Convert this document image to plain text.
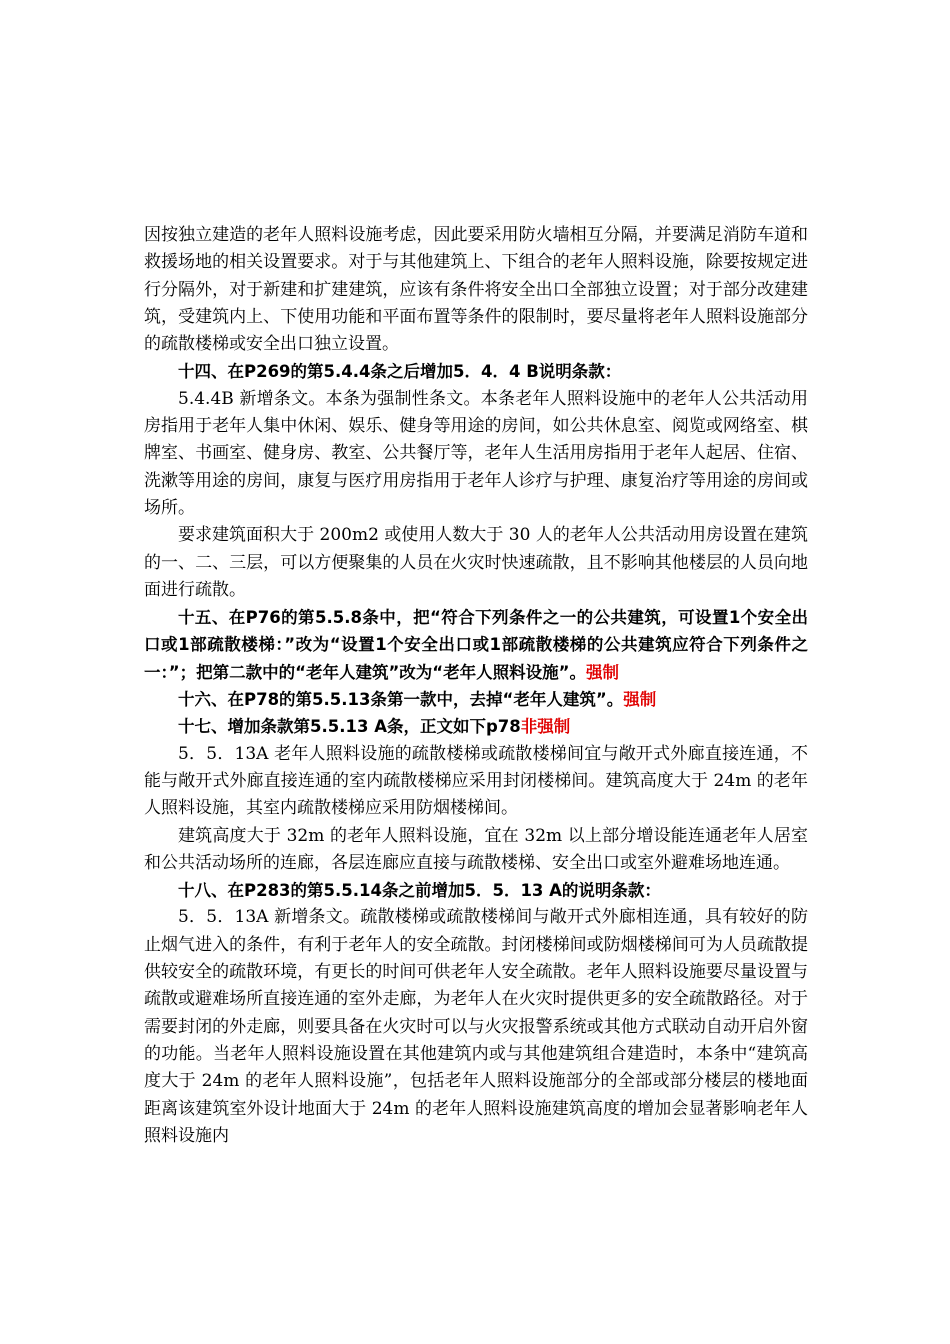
因按独立建造的老年人照料设施考虑，因此要采用防火墙相互分隔，并要满足消防车道和救援场地的相关设置要求。对于与其他建筑上、下组合的老年人照料设施，除要按规定进行分隔外，对于新建和扩建建筑，应该有条件将安全出口全部独立设置；对于部分改建建筑，受建筑内上、下使用功能和平面布置等条件的限制时，要尽量将老年人照料设施部分的疏散楼梯或安全出口独立设置。

十四、在P269的第5.4.4条之后增加5．4．4 B说明条款：

5.4.4B 新增条文。本条为强制性条文。本条老年人照料设施中的老年人公共活动用房指用于老年人集中休闲、娱乐、健身等用途的房间，如公共休息室、阅览或网络室、棋牌室、书画室、健身房、教室、公共餐厅等，老年人生活用房指用于老年人起居、住宿、洗漱等用途的房间，康复与医疗用房指用于老年人诊疗与护理、康复治疗等用途的房间或场所。

要求建筑面积大于 200m2 或使用人数大于 30 人的老年人公共活动用房设置在建筑的一、二、三层，可以方便聚集的人员在火灾时快速疏散，且不影响其他楼层的人员向地面进行疏散。

十五、在P76的第5.5.8条中，把“符合下列条件之一的公共建筑，可设置1个安全出口或1部疏散楼梯：”改为“设置1个安全出口或1部疏散楼梯的公共建筑应符合下列条件之一：”；把第二款中的“老年人建筑”改为“老年人照料设施”。强制

十六、在P78的第5.5.13条第一款中，去掉“老年人建筑”。强制

十七、增加条款第5.5.13 A条，正文如下p78非强制

5．5．13A 老年人照料设施的疏散楼梯或疏散楼梯间宜与敞开式外廊直接连通，不能与敞开式外廊直接连通的室内疏散楼梯应采用封闭楼梯间。建筑高度大于 24m 的老年人照料设施，其室内疏散楼梯应采用防烟楼梯间。

建筑高度大于 32m 的老年人照料设施，宜在 32m 以上部分增设能连通老年人居室和公共活动场所的连廊，各层连廊应直接与疏散楼梯、安全出口或室外避难场地连通。

十八、在P283的第5.5.14条之前增加5．5．13 A的说明条款：

5．5．13A 新增条文。疏散楼梯或疏散楼梯间与敞开式外廊相连通，具有较好的防止烟气进入的条件，有利于老年人的安全疏散。封闭楼梯间或防烟楼梯间可为人员疏散提供较安全的疏散环境，有更长的时间可供老年人安全疏散。老年人照料设施要尽量设置与疏散或避难场所直接连通的室外走廊，为老年人在火灾时提供更多的安全疏散路径。对于需要封闭的外走廊，则要具备在火灾时可以与火灾报警系统或其他方式联动自动开启外窗的功能。当老年人照料设施设置在其他建筑内或与其他建筑组合建造时，本条中“建筑高度大于 24m 的老年人照料设施”，包括老年人照料设施部分的全部或部分楼层的楼地面距离该建筑室外设计地面大于 24m 的老年人照料设施建筑高度的增加会显著影响老年人照料设施内
